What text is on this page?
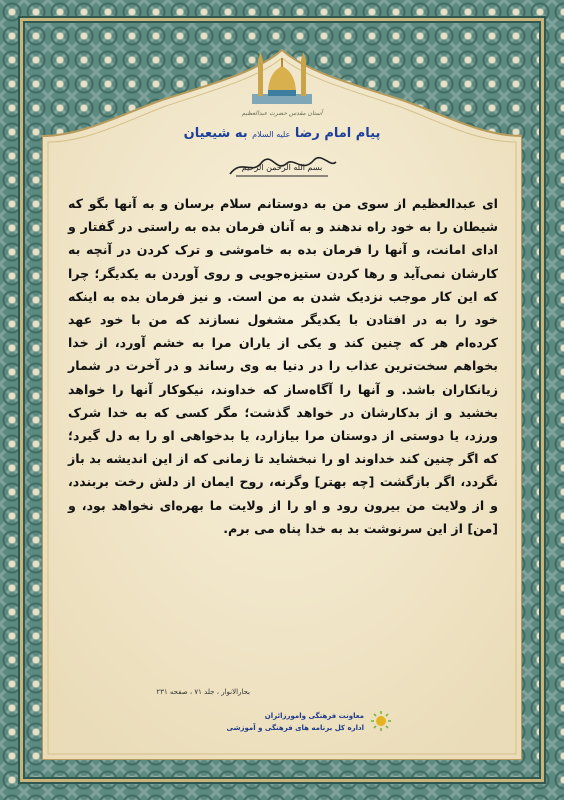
آستان مقدس حضرت عبدالعظیم
پیام امام رضا علیه السلام به شیعیان
بسم الله الرحمن الرحیم

ای عبدالعظیم از سوی من به دوستانم سلام برسان و به آنها بگو که شیطان را به خود راه ندهند و به آنان فرمان بده به راستی در گفتار و ادای امانت، و آنها را فرمان بده به خاموشی و ترک کردن در آنچه به کارشان نمی‌آید و رها کردن ستیزه‌جویی و روی آوردن به یکدیگر؛ چرا که این کار موجب نزدیک شدن به من است. و نیز فرمان بده به اینکه خود را به در افتادن با یکدیگر مشغول نسازند که من با خود عهد کرده‌ام هر که چنین کند و یکی از یاران مرا به خشم آورد، از خدا بخواهم سخت‌ترین عذاب را در دنیا به وی رساند و در آخرت در شمار زیانکاران باشد. و آنها را آگاه‌ساز که خداوند، نیکوکار آنها را خواهد بخشید و از بدکارشان در خواهد گذشت؛ مگر کسی که به خدا شرک ورزد، یا دوستی از دوستان مرا بیازارد، یا بدخواهی او را به دل گیرد؛ که اگر چنین کند خداوند او را نبخشاید تا زمانی که از این اندیشه بد باز نگردد، اگر بازگشت [چه بهتر] وگرنه، روح ایمان از دلش رخت بربندد، و از ولایت من بیرون رود و او را از ولایت ما بهره‌ای نخواهد بود، و [من] از این سرنوشت بد به خدا پناه می برم.

بحارالانوار ، جلد ۷۱ ، صفحه ۲۳۱
معاونت فرهنگی وامورزائران
اداره کل برنامه های فرهنگی و آموزشی
